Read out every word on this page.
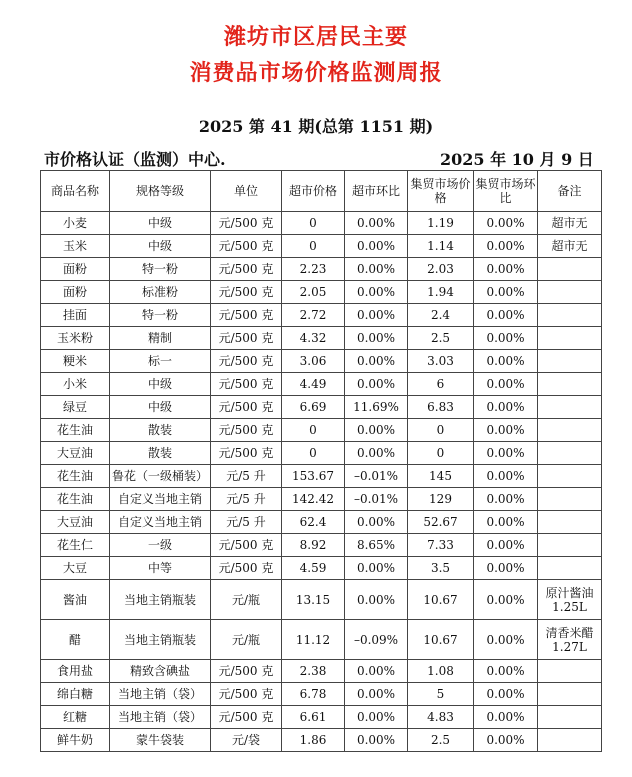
潍坊市区居民主要
消费品市场价格监测周报
2025 第 41 期(总第 1151 期)
市价格认证（监测）中心.	2025 年 10 月 9 日
商品名称	规格等级	单位	超市价格	超市环比	集贸市场价格	集贸市场环比	备注
小麦	中级	元/500 克	0	0.00%	1.19	0.00%	超市无
玉米	中级	元/500 克	0	0.00%	1.14	0.00%	超市无
面粉	特一粉	元/500 克	2.23	0.00%	2.03	0.00%	
面粉	标准粉	元/500 克	2.05	0.00%	1.94	0.00%	
挂面	特一粉	元/500 克	2.72	0.00%	2.4	0.00%	
玉米粉	精制	元/500 克	4.32	0.00%	2.5	0.00%	
粳米	标一	元/500 克	3.06	0.00%	3.03	0.00%	
小米	中级	元/500 克	4.49	0.00%	6	0.00%	
绿豆	中级	元/500 克	6.69	11.69%	6.83	0.00%	
花生油	散装	元/500 克	0	0.00%	0	0.00%	
大豆油	散装	元/500 克	0	0.00%	0	0.00%	
花生油	鲁花（一级桶装）	元/5 升	153.67	–0.01%	145	0.00%	
花生油	自定义当地主销	元/5 升	142.42	–0.01%	129	0.00%	
大豆油	自定义当地主销	元/5 升	62.4	0.00%	52.67	0.00%	
花生仁	一级	元/500 克	8.92	8.65%	7.33	0.00%	
大豆	中等	元/500 克	4.59	0.00%	3.5	0.00%	
酱油	当地主销瓶装	元/瓶	13.15	0.00%	10.67	0.00%	原汁酱油 1.25L
醋	当地主销瓶装	元/瓶	11.12	–0.09%	10.67	0.00%	清香米醋 1.27L
食用盐	精致含碘盐	元/500 克	2.38	0.00%	1.08	0.00%	
绵白糖	当地主销（袋）	元/500 克	6.78	0.00%	5	0.00%	
红糖	当地主销（袋）	元/500 克	6.61	0.00%	4.83	0.00%	
鲜牛奶	蒙牛袋装	元/袋	1.86	0.00%	2.5	0.00%	
